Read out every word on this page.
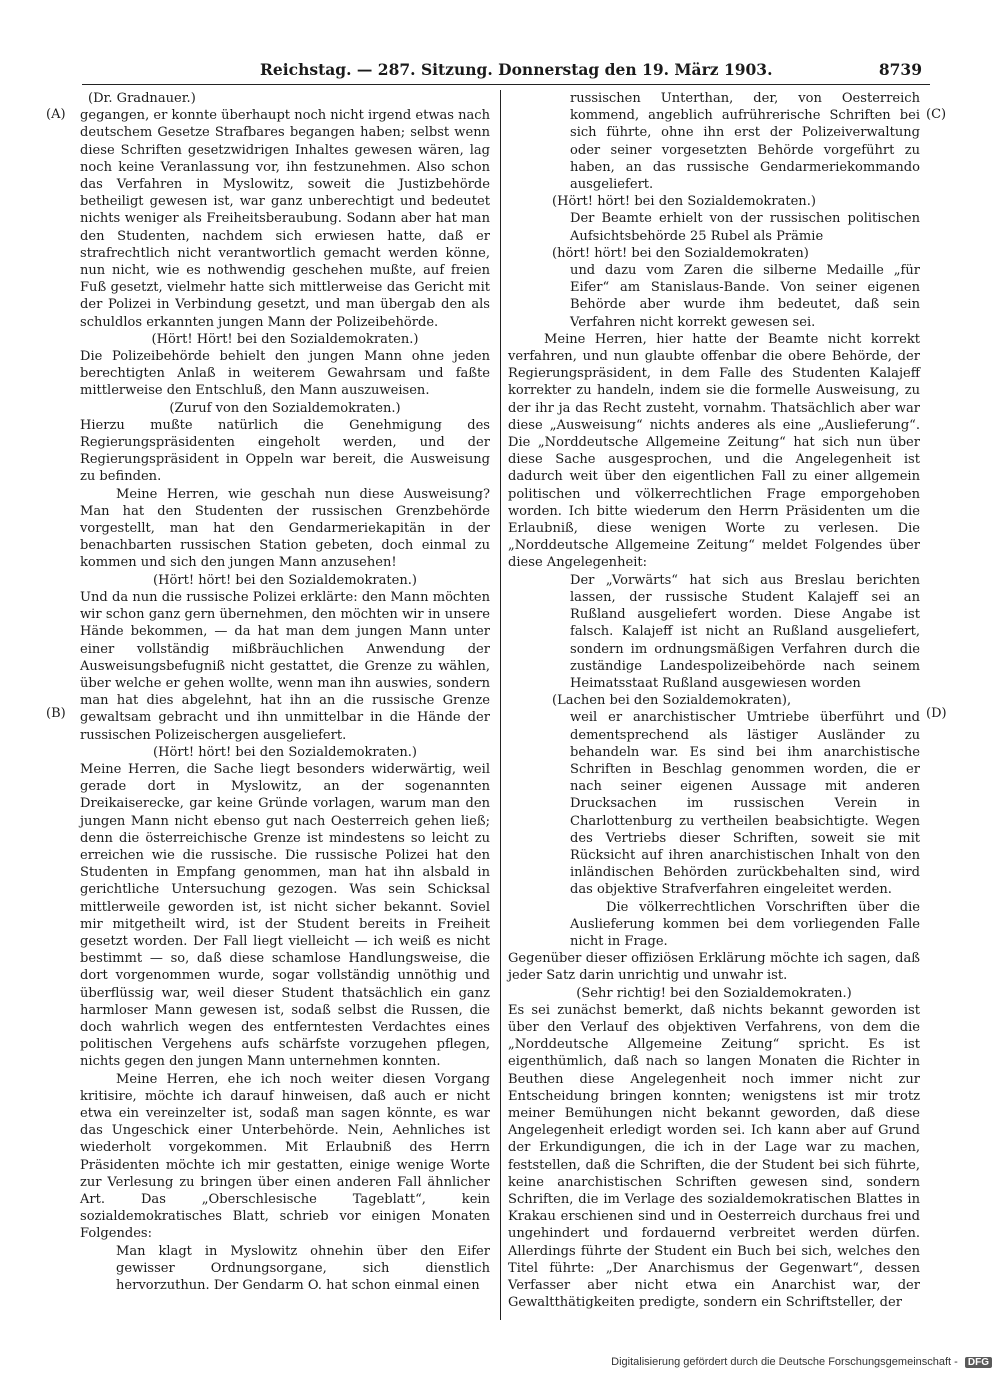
Reichstag. — 287. Sitzung. Donnerstag den 19. März 1903.	8739
(A)
(B)
(C)
(D)

(Dr. Gradnauer.)

gegangen, er konnte überhaupt noch nicht irgend etwas nach deutschem Gesetze Strafbares begangen haben; selbst wenn diese Schriften gesetzwidrigen Inhaltes gewesen wären, lag noch keine Veranlassung vor, ihn festzunehmen. Also schon das Verfahren in Myslowitz, soweit die Justizbehörde betheiligt gewesen ist, war ganz unberechtigt und bedeutet nichts weniger als Freiheitsberaubung. Sodann aber hat man den Studenten, nachdem sich erwiesen hatte, daß er strafrechtlich nicht verantwortlich gemacht werden könne, nun nicht, wie es nothwendig geschehen mußte, auf freien Fuß gesetzt, vielmehr hatte sich mittlerweise das Gericht mit der Polizei in Verbindung gesetzt, und man übergab den als schuldlos erkannten jungen Mann der Polizeibehörde.

(Hört! Hört! bei den Sozialdemokraten.)

Die Polizeibehörde behielt den jungen Mann ohne jeden berechtigten Anlaß in weiterem Gewahrsam und faßte mittlerweise den Entschluß, den Mann auszuweisen.

(Zuruf von den Sozialdemokraten.)

Hierzu mußte natürlich die Genehmigung des Regierungspräsidenten eingeholt werden, und der Regierungspräsident in Oppeln war bereit, die Ausweisung zu befinden.

Meine Herren, wie geschah nun diese Ausweisung? Man hat den Studenten der russischen Grenzbehörde vorgestellt, man hat den Gendarmeriekapitän in der benachbarten russischen Station gebeten, doch einmal zu kommen und sich den jungen Mann anzusehen!

(Hört! hört! bei den Sozialdemokraten.)

Und da nun die russische Polizei erklärte: den Mann möchten wir schon ganz gern übernehmen, den möchten wir in unsere Hände bekommen, — da hat man dem jungen Mann unter einer vollständig mißbräuchlichen Anwendung der Ausweisungsbefugniß nicht gestattet, die Grenze zu wählen, über welche er gehen wollte, wenn man ihn auswies, sondern man hat dies abgelehnt, hat ihn an die russische Grenze gewaltsam gebracht und ihn unmittelbar in die Hände der russischen Polizeischergen ausgeliefert.

(Hört! hört! bei den Sozialdemokraten.)

Meine Herren, die Sache liegt besonders widerwärtig, weil gerade dort in Myslowitz, an der sogenannten Dreikaiserecke, gar keine Gründe vorlagen, warum man den jungen Mann nicht ebenso gut nach Oesterreich gehen ließ; denn die österreichische Grenze ist mindestens so leicht zu erreichen wie die russische. Die russische Polizei hat den Studenten in Empfang genommen, man hat ihn alsbald in gerichtliche Untersuchung gezogen. Was sein Schicksal mittlerweile geworden ist, ist nicht sicher bekannt. Soviel mir mitgetheilt wird, ist der Student bereits in Freiheit gesetzt worden. Der Fall liegt vielleicht — ich weiß es nicht bestimmt — so, daß diese schamlose Handlungsweise, die dort vorgenommen wurde, sogar vollständig unnöthig und überflüssig war, weil dieser Student thatsächlich ein ganz harmloser Mann gewesen ist, sodaß selbst die Russen, die doch wahrlich wegen des entferntesten Verdachtes eines politischen Vergehens aufs schärfste vorzugehen pflegen, nichts gegen den jungen Mann unternehmen konnten.

Meine Herren, ehe ich noch weiter diesen Vorgang kritisire, möchte ich darauf hinweisen, daß auch er nicht etwa ein vereinzelter ist, sodaß man sagen könnte, es war das Ungeschick einer Unterbehörde. Nein, Aehnliches ist wiederholt vorgekommen. Mit Erlaubniß des Herrn Präsidenten möchte ich mir gestatten, einige wenige Worte zur Verlesung zu bringen über einen anderen Fall ähnlicher Art. Das „Oberschlesische Tageblatt“, kein sozialdemokratisches Blatt, schrieb vor einigen Monaten Folgendes:

Man klagt in Myslowitz ohnehin über den Eifer gewisser Ordnungsorgane, sich dienstlich hervorzuthun. Der Gendarm O. hat schon einmal einen

russischen Unterthan, der, von Oesterreich kommend, angeblich aufrührerische Schriften bei sich führte, ohne ihn erst der Polizeiverwaltung oder seiner vorgesetzten Behörde vorgeführt zu haben, an das russische Gendarmeriekommando ausgeliefert.

(Hört! hört! bei den Sozialdemokraten.)

Der Beamte erhielt von der russischen politischen Aufsichtsbehörde 25 Rubel als Prämie

(hört! hört! bei den Sozialdemokraten)

und dazu vom Zaren die silberne Medaille „für Eifer“ am Stanislaus-Bande. Von seiner eigenen Behörde aber wurde ihm bedeutet, daß sein Verfahren nicht korrekt gewesen sei.

Meine Herren, hier hatte der Beamte nicht korrekt verfahren, und nun glaubte offenbar die obere Behörde, der Regierungspräsident, in dem Falle des Studenten Kalajeff korrekter zu handeln, indem sie die formelle Ausweisung, zu der ihr ja das Recht zusteht, vornahm. Thatsächlich aber war diese „Ausweisung“ nichts anderes als eine „Auslieferung“. Die „Norddeutsche Allgemeine Zeitung“ hat sich nun über diese Sache ausgesprochen, und die Angelegenheit ist dadurch weit über den eigentlichen Fall zu einer allgemein politischen und völkerrechtlichen Frage emporgehoben worden. Ich bitte wiederum den Herrn Präsidenten um die Erlaubniß, diese wenigen Worte zu verlesen. Die „Norddeutsche Allgemeine Zeitung“ meldet Folgendes über diese Angelegenheit:

Der „Vorwärts“ hat sich aus Breslau berichten lassen, der russische Student Kalajeff sei an Rußland ausgeliefert worden. Diese Angabe ist falsch. Kalajeff ist nicht an Rußland ausgeliefert, sondern im ordnungsmäßigen Verfahren durch die zuständige Landespolizeibehörde nach seinem Heimatsstaat Rußland ausgewiesen worden

(Lachen bei den Sozialdemokraten),

weil er anarchistischer Umtriebe überführt und dementsprechend als lästiger Ausländer zu behandeln war. Es sind bei ihm anarchistische Schriften in Beschlag genommen worden, die er nach seiner eigenen Aussage mit anderen Drucksachen im russischen Verein in Charlottenburg zu vertheilen beabsichtigte. Wegen des Vertriebs dieser Schriften, soweit sie mit Rücksicht auf ihren anarchistischen Inhalt von den inländischen Behörden zurückbehalten sind, wird das objektive Strafverfahren eingeleitet werden.

Die völkerrechtlichen Vorschriften über die Auslieferung kommen bei dem vorliegenden Falle nicht in Frage.

Gegenüber dieser offiziösen Erklärung möchte ich sagen, daß jeder Satz darin unrichtig und unwahr ist.

(Sehr richtig! bei den Sozialdemokraten.)

Es sei zunächst bemerkt, daß nichts bekannt geworden ist über den Verlauf des objektiven Verfahrens, von dem die „Norddeutsche Allgemeine Zeitung“ spricht. Es ist eigenthümlich, daß nach so langen Monaten die Richter in Beuthen diese Angelegenheit noch immer nicht zur Entscheidung bringen konnten; wenigstens ist mir trotz meiner Bemühungen nicht bekannt geworden, daß diese Angelegenheit erledigt worden sei. Ich kann aber auf Grund der Erkundigungen, die ich in der Lage war zu machen, feststellen, daß die Schriften, die der Student bei sich führte, keine anarchistischen Schriften gewesen sind, sondern Schriften, die im Verlage des sozialdemokratischen Blattes in Krakau erschienen sind und in Oesterreich durchaus frei und ungehindert und fordauernd verbreitet werden dürfen. Allerdings führte der Student ein Buch bei sich, welches den Titel führte: „Der Anarchismus der Gegenwart“, dessen Verfasser aber nicht etwa ein Anarchist war, der Gewaltthätigkeiten predigte, sondern ein Schriftsteller, der

Digitalisierung gefördert durch die Deutsche Forschungsgemeinschaft - DFG
